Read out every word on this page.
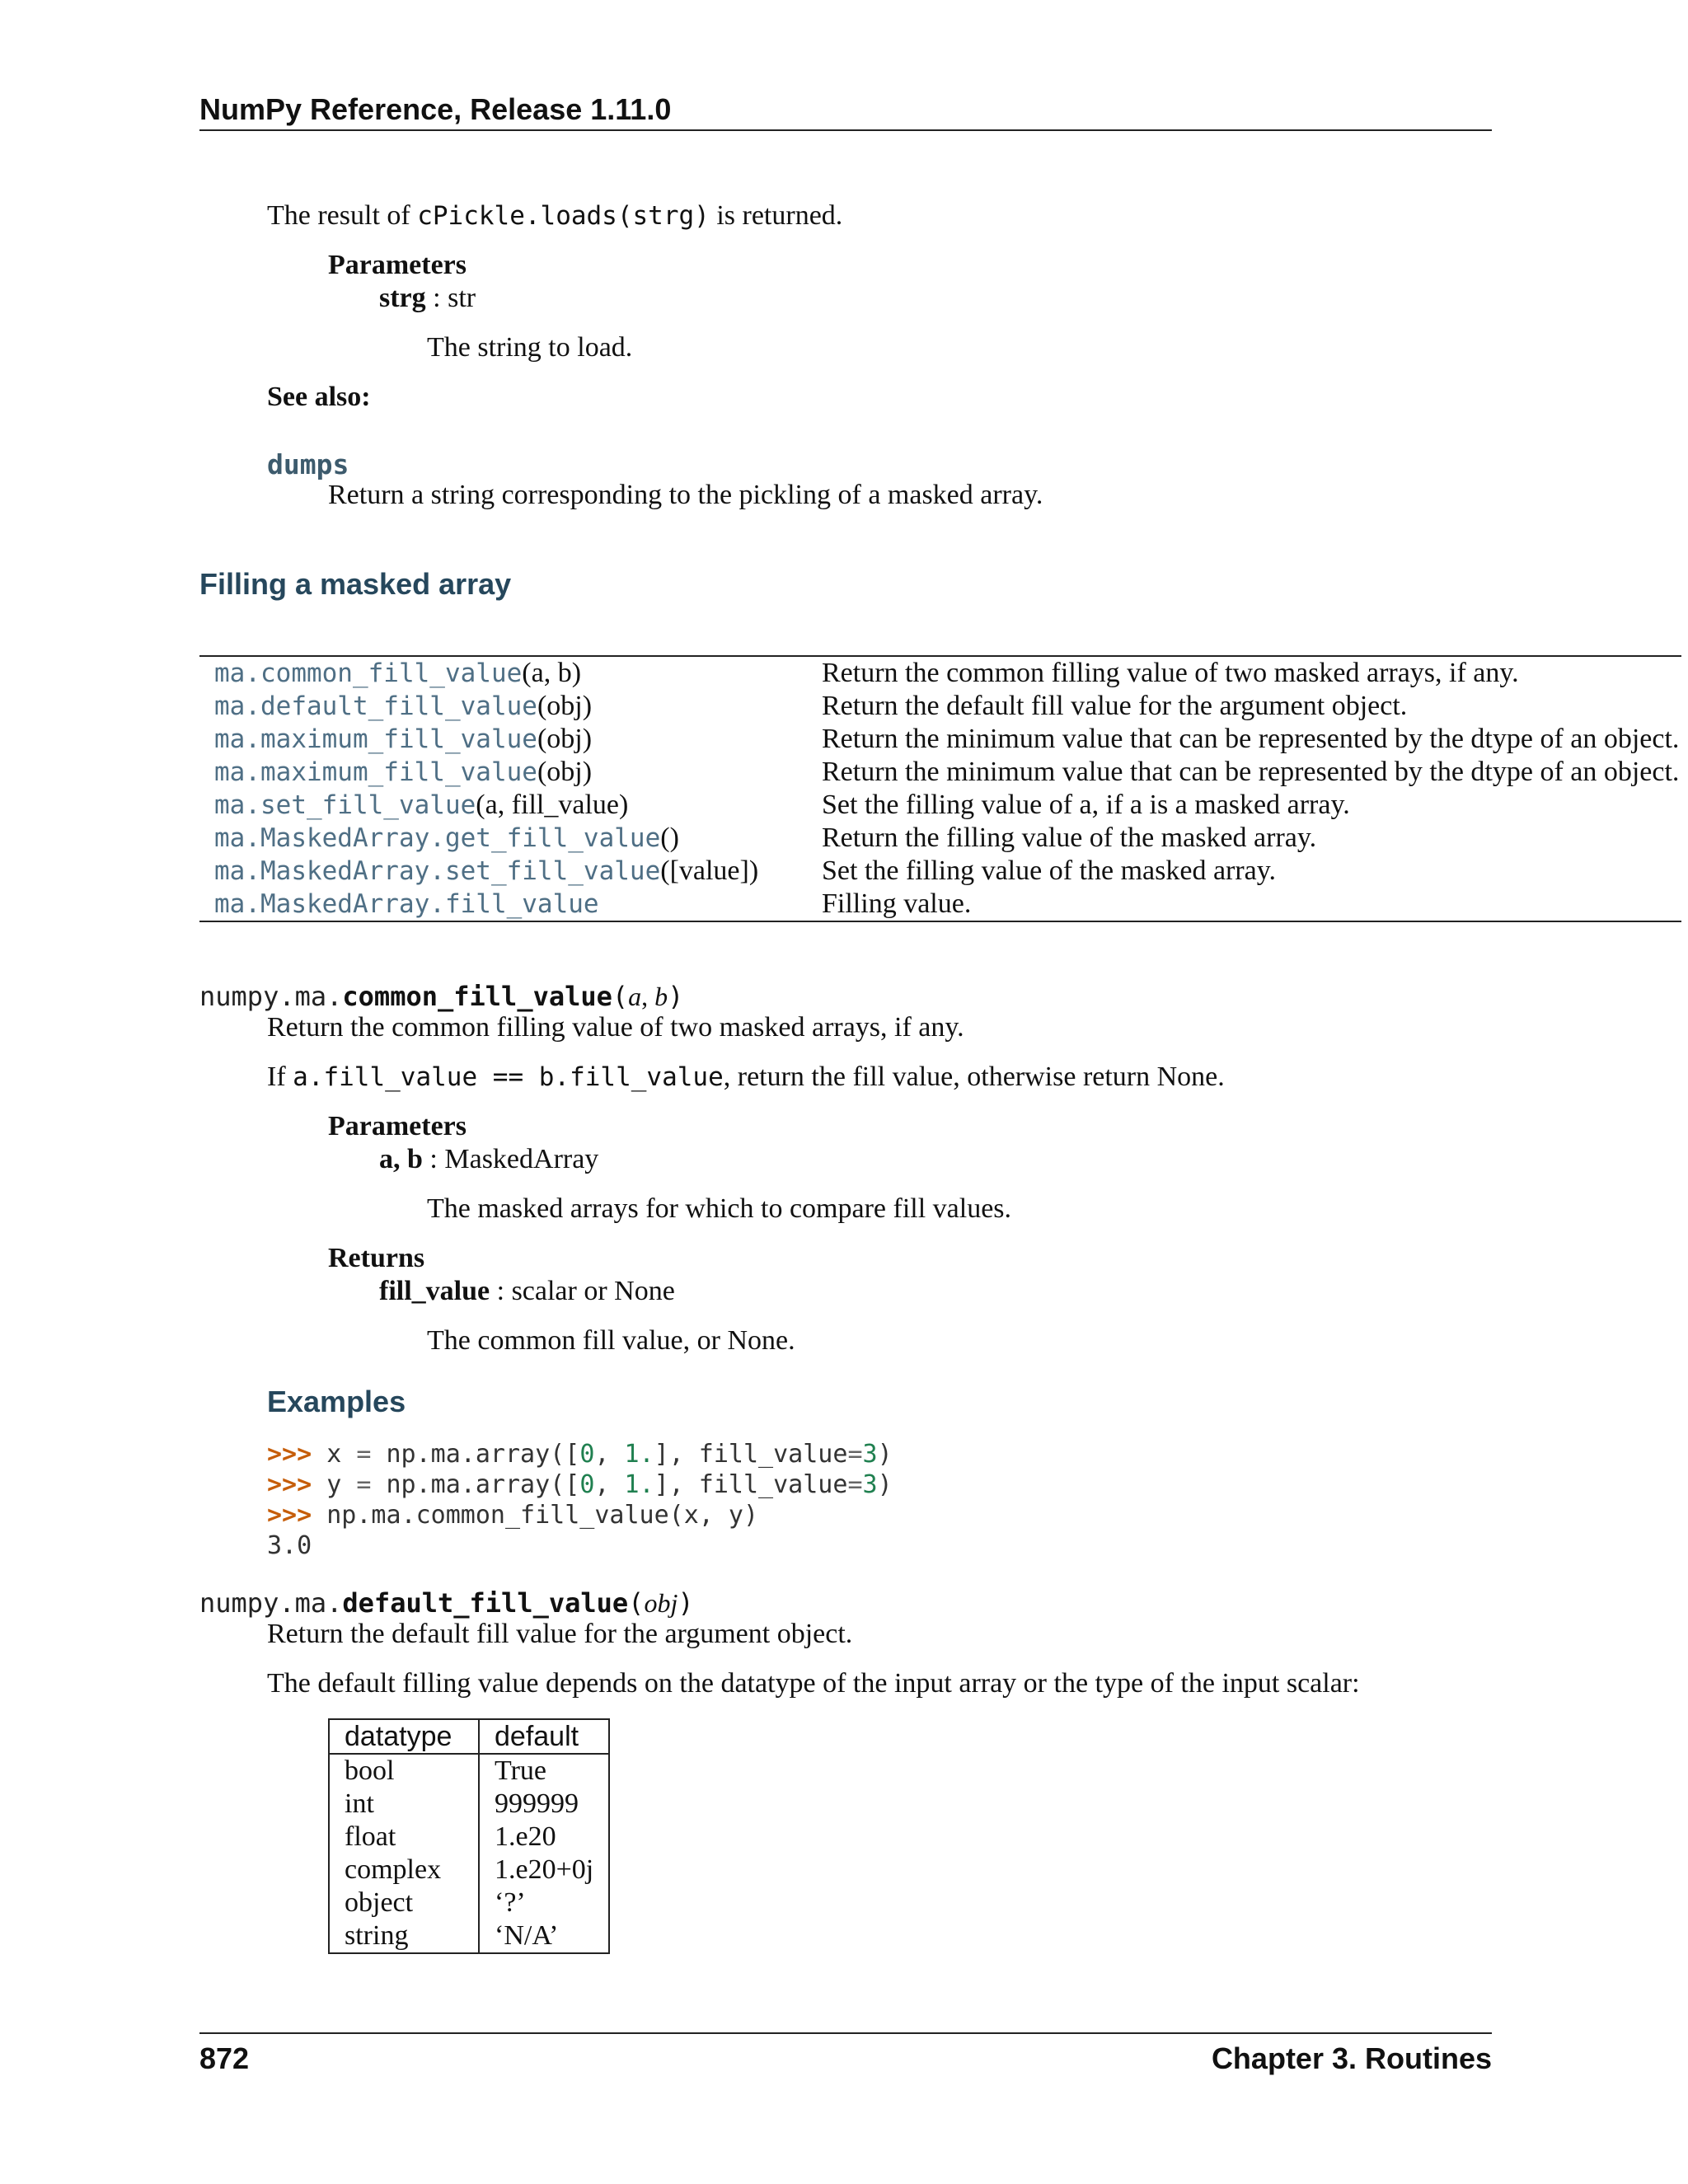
NumPy Reference, Release 1.11.0
The result of cPickle.loads(strg) is returned.
Parameters
strg : str
The string to load.
See also:
dumps
Return a string corresponding to the pickling of a masked array.
Filling a masked array
ma.common_fill_value(a, b)	Return the common filling value of two masked arrays, if any.
ma.default_fill_value(obj)	Return the default fill value for the argument object.
ma.maximum_fill_value(obj)	Return the minimum value that can be represented by the dtype of an object.
ma.maximum_fill_value(obj)	Return the minimum value that can be represented by the dtype of an object.
ma.set_fill_value(a, fill_value)	Set the filling value of a, if a is a masked array.
ma.MaskedArray.get_fill_value()	Return the filling value of the masked array.
ma.MaskedArray.set_fill_value([value]) Set the filling value of the masked array.
ma.MaskedArray.fill_value	Filling value.
numpy.ma.common_fill_value(a, b)
Return the common filling value of two masked arrays, if any.
If a.fill_value == b.fill_value, return the fill value, otherwise return None.
Parameters
a, b : MaskedArray
The masked arrays for which to compare fill values.
Returns
fill_value : scalar or None
The common fill value, or None.
Examples
>>> x = np.ma.array([0, 1.], fill_value=3)
>>> y = np.ma.array([0, 1.], fill_value=3)
>>> np.ma.common_fill_value(x, y)
3.0
numpy.ma.default_fill_value(obj)
Return the default fill value for the argument object.
The default filling value depends on the datatype of the input array or the type of the input scalar:
datatype	default
bool	True
int	999999
float	1.e20
complex	1.e20+0j
object	‘?’
string	‘N/A’
872	Chapter 3. Routines
